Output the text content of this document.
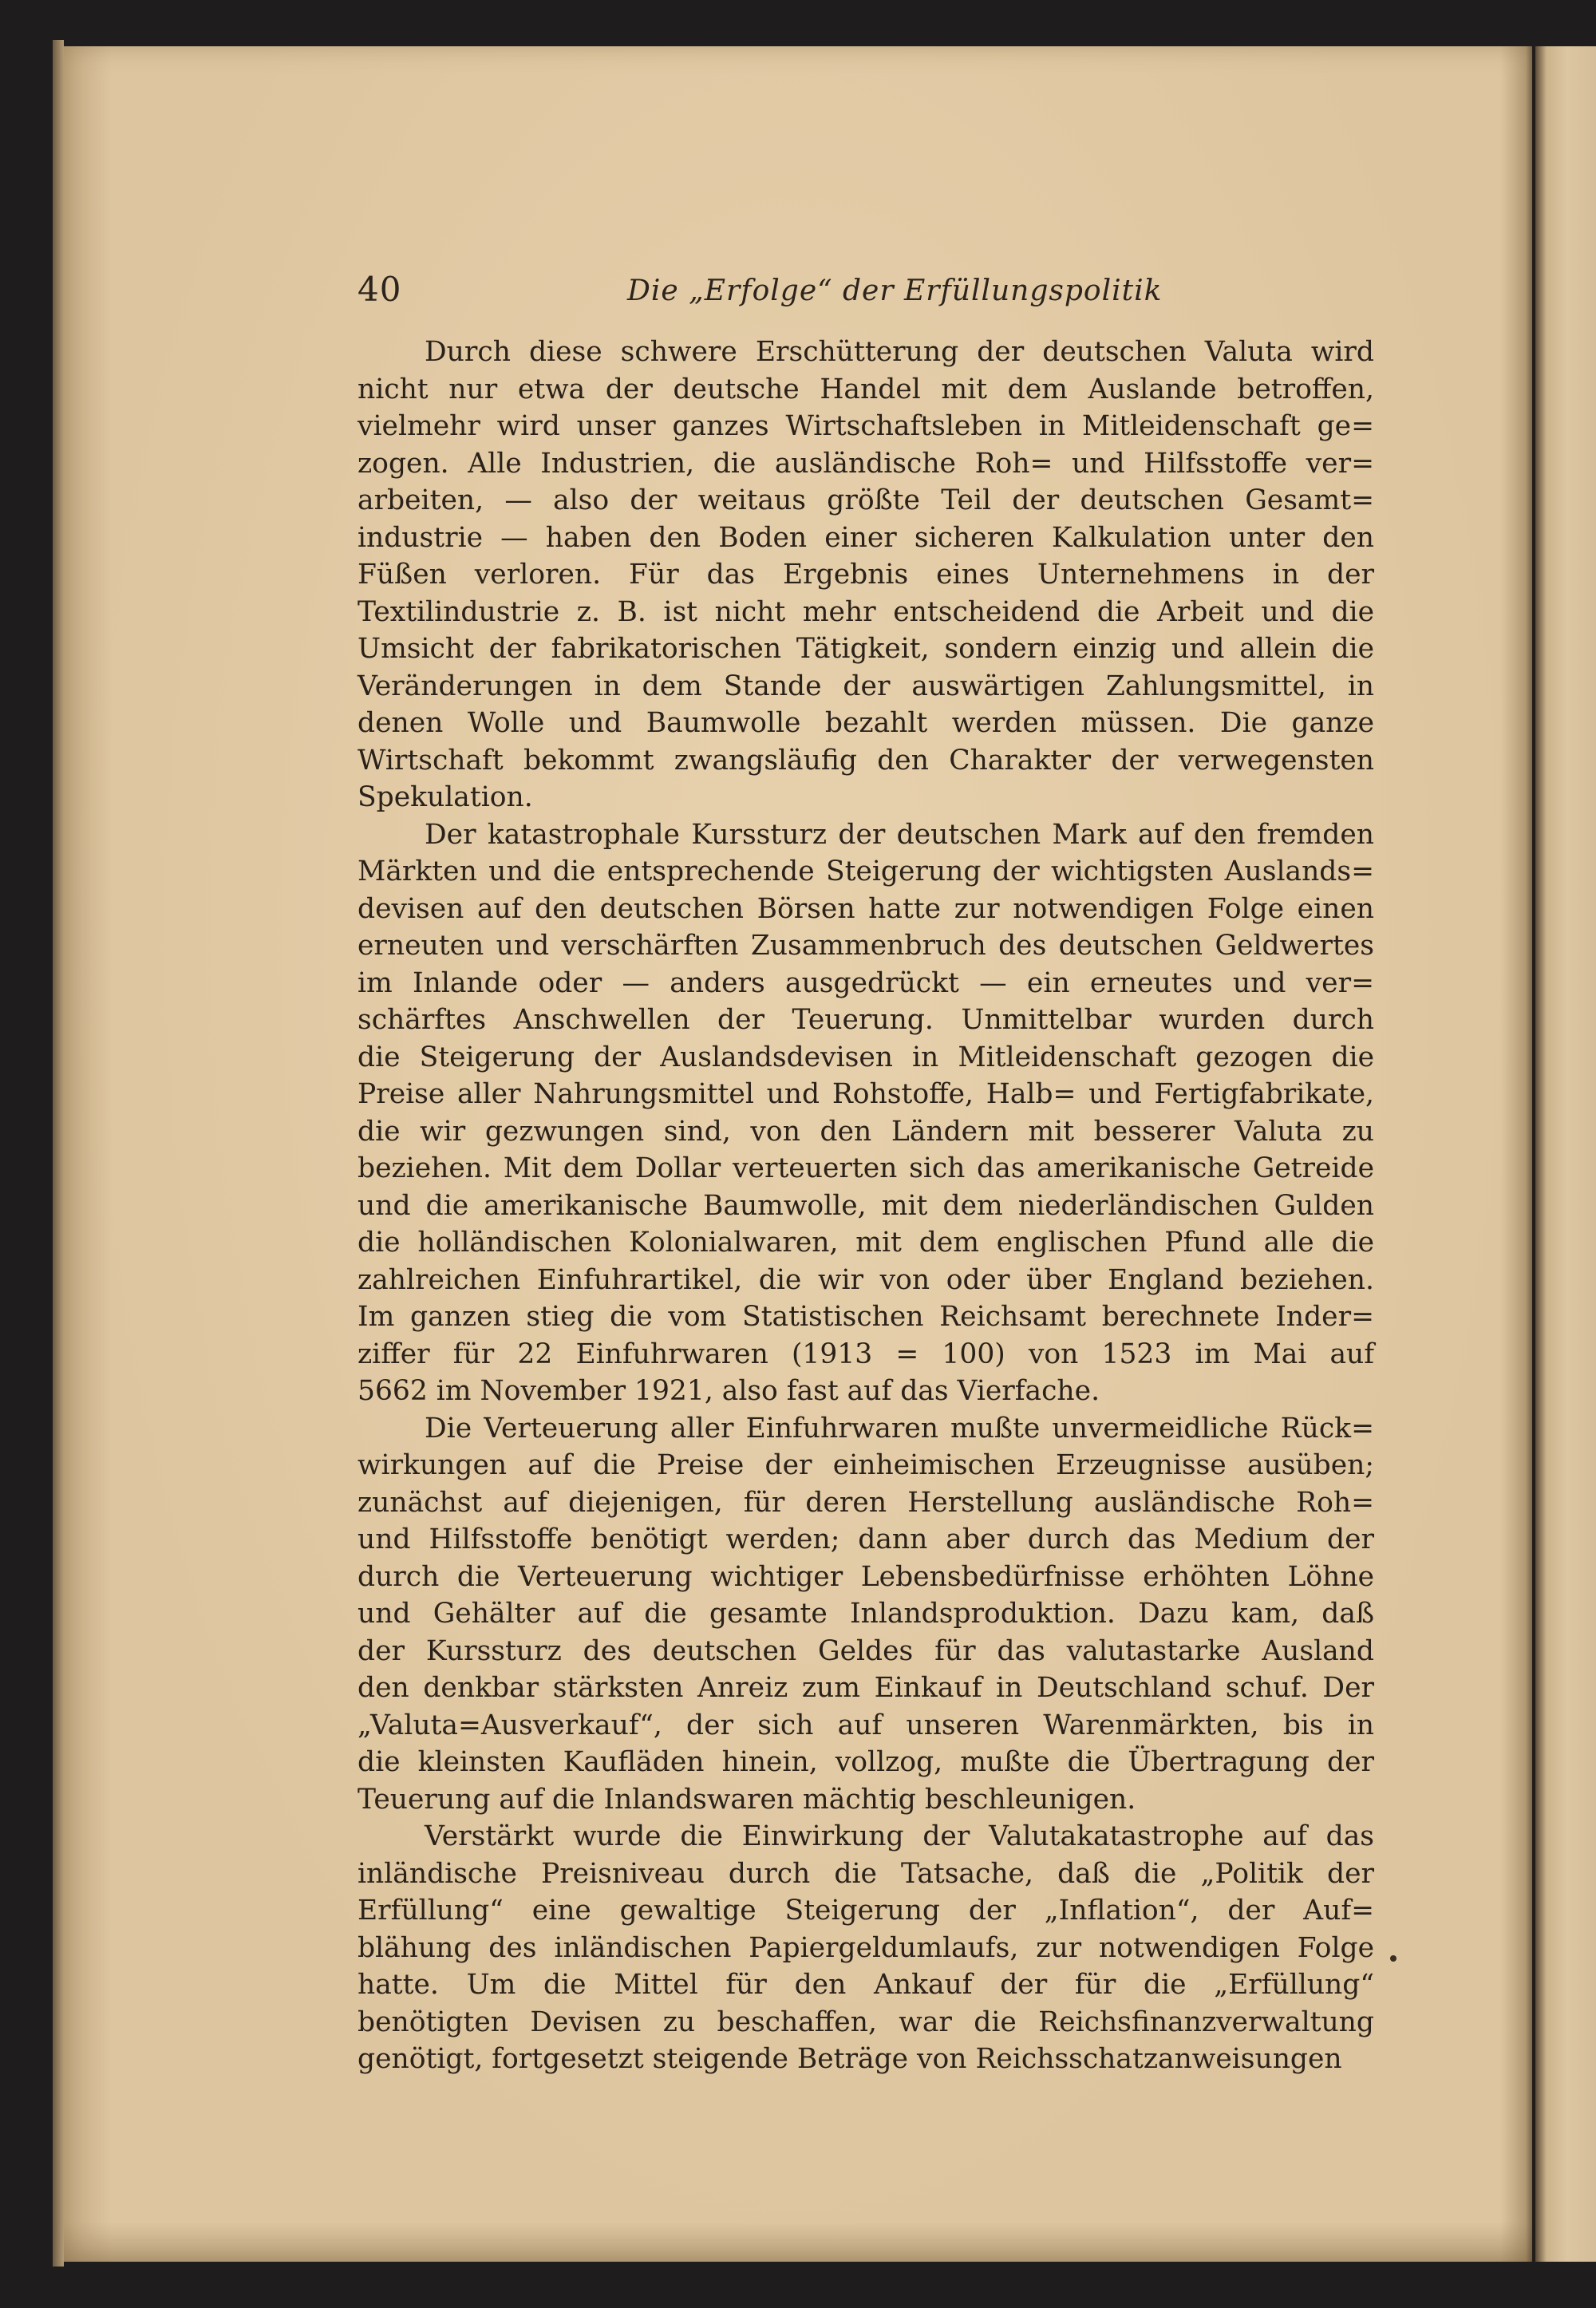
40	Die „Erfolge“ der Erfüllungspolitik
Durch diese schwere Erschütterung der deutschen Valuta wird
nicht nur etwa der deutsche Handel mit dem Auslande betroffen,
vielmehr wird unser ganzes Wirtschaftsleben in Mitleidenschaft ge=
zogen. Alle Industrien, die ausländische Roh= und Hilfsstoffe ver=
arbeiten, — also der weitaus größte Teil der deutschen Gesamt=
industrie — haben den Boden einer sicheren Kalkulation unter den
Füßen verloren. Für das Ergebnis eines Unternehmens in der
Textilindustrie z. B. ist nicht mehr entscheidend die Arbeit und die
Umsicht der fabrikatorischen Tätigkeit, sondern einzig und allein die
Veränderungen in dem Stande der auswärtigen Zahlungsmittel, in
denen Wolle und Baumwolle bezahlt werden müssen. Die ganze
Wirtschaft bekommt zwangsläufig den Charakter der verwegensten
Spekulation.
Der katastrophale Kurssturz der deutschen Mark auf den fremden
Märkten und die entsprechende Steigerung der wichtigsten Auslands=
devisen auf den deutschen Börsen hatte zur notwendigen Folge einen
erneuten und verschärften Zusammenbruch des deutschen Geldwertes
im Inlande oder — anders ausgedrückt — ein erneutes und ver=
schärftes Anschwellen der Teuerung. Unmittelbar wurden durch
die Steigerung der Auslandsdevisen in Mitleidenschaft gezogen die
Preise aller Nahrungsmittel und Rohstoffe, Halb= und Fertigfabrikate,
die wir gezwungen sind, von den Ländern mit besserer Valuta zu
beziehen. Mit dem Dollar verteuerten sich das amerikanische Getreide
und die amerikanische Baumwolle, mit dem niederländischen Gulden
die holländischen Kolonialwaren, mit dem englischen Pfund alle die
zahlreichen Einfuhrartikel, die wir von oder über England beziehen.
Im ganzen stieg die vom Statistischen Reichsamt berechnete Inder=
ziffer für 22 Einfuhrwaren (1913 = 100) von 1523 im Mai auf
5662 im November 1921, also fast auf das Vierfache.
Die Verteuerung aller Einfuhrwaren mußte unvermeidliche Rück=
wirkungen auf die Preise der einheimischen Erzeugnisse ausüben;
zunächst auf diejenigen, für deren Herstellung ausländische Roh=
und Hilfsstoffe benötigt werden; dann aber durch das Medium der
durch die Verteuerung wichtiger Lebensbedürfnisse erhöhten Löhne
und Gehälter auf die gesamte Inlandsproduktion. Dazu kam, daß
der Kurssturz des deutschen Geldes für das valutastarke Ausland
den denkbar stärksten Anreiz zum Einkauf in Deutschland schuf. Der
„Valuta=Ausverkauf“, der sich auf unseren Warenmärkten, bis in
die kleinsten Kaufläden hinein, vollzog, mußte die Übertragung der
Teuerung auf die Inlandswaren mächtig beschleunigen.
Verstärkt wurde die Einwirkung der Valutakatastrophe auf das
inländische Preisniveau durch die Tatsache, daß die „Politik der
Erfüllung“ eine gewaltige Steigerung der „Inflation“, der Auf=
blähung des inländischen Papiergeldumlaufs, zur notwendigen Folge
hatte. Um die Mittel für den Ankauf der für die „Erfüllung“
benötigten Devisen zu beschaffen, war die Reichsfinanzverwaltung
genötigt, fortgesetzt steigende Beträge von Reichsschatzanweisungen
